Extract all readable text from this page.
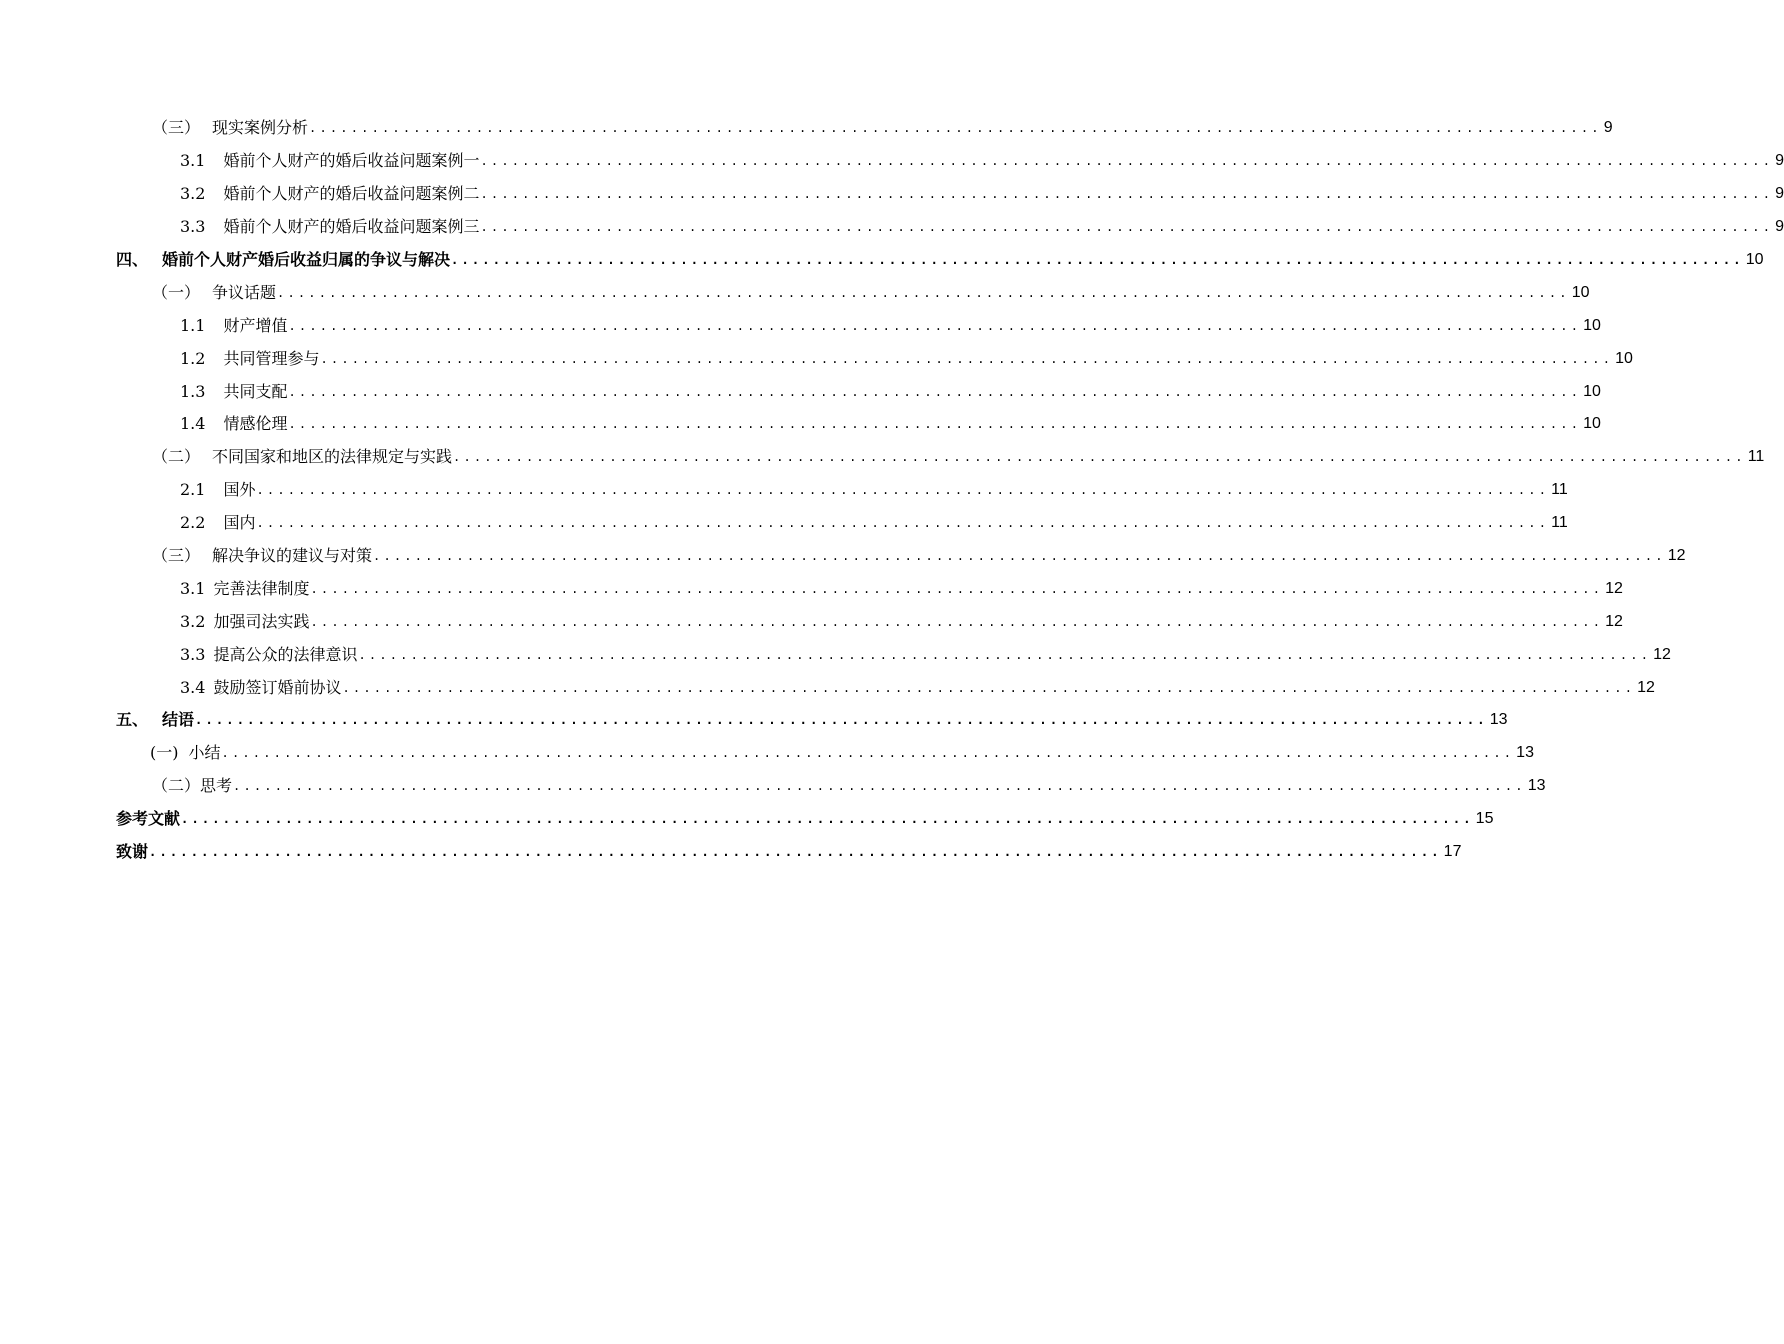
（三） 现实案例分析 ............................................................................................................................ 9
3.1 婚前个人财产的婚后收益问题案例一 ............................................................................................................................ 9
3.2 婚前个人财产的婚后收益问题案例二 ............................................................................................................................ 9
3.3 婚前个人财产的婚后收益问题案例三 ............................................................................................................................ 9
四、 婚前个人财产婚后收益归属的争议与解决 ............................................................................................................................ 10
（一） 争议话题 ............................................................................................................................ 10
1.1 财产增值 ............................................................................................................................ 10
1.2 共同管理参与 ............................................................................................................................ 10
1.3 共同支配 ............................................................................................................................ 10
1.4 情感伦理 ............................................................................................................................ 10
（二） 不同国家和地区的法律规定与实践 ............................................................................................................................ 11
2.1 国外 ............................................................................................................................ 11
2.2 国内 ............................................................................................................................ 11
（三） 解决争议的建议与对策 ............................................................................................................................ 12
3.1 完善法律制度 ............................................................................................................................ 12
3.2 加强司法实践 ............................................................................................................................ 12
3.3 提高公众的法律意识 ............................................................................................................................ 12
3.4 鼓励签订婚前协议 ............................................................................................................................ 12
五、 结语 ............................................................................................................................ 13
(一) 小结 ............................................................................................................................ 13
（二） 思考 ............................................................................................................................ 13
参考文献 ............................................................................................................................ 15
致谢 ............................................................................................................................ 17
